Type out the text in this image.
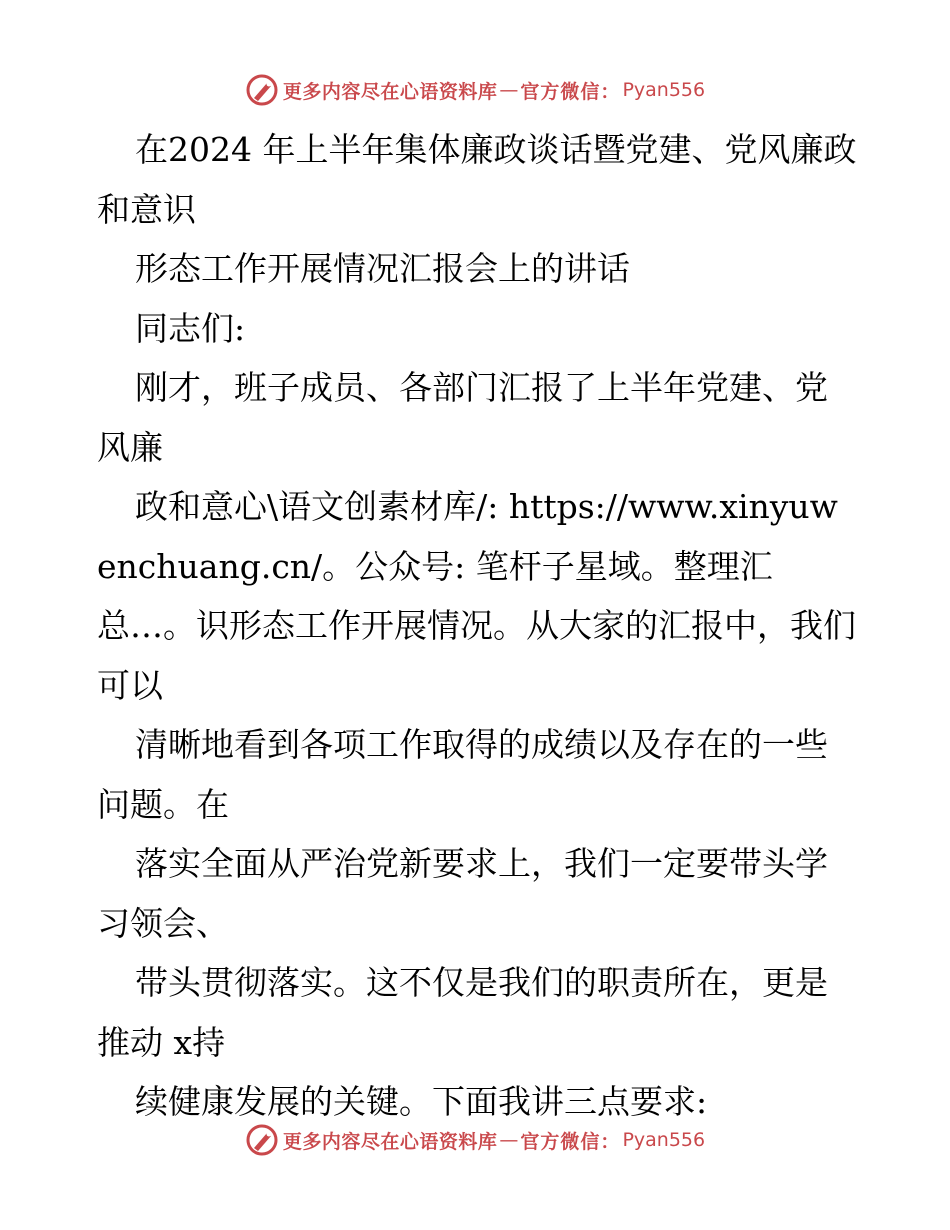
更多内容尽在心语资料库 — 官方微信： Pyan556

在2024 年上半年集体廉政谈话暨党建、党风廉政和意识

形态工作开展情况汇报会上的讲话

同志们:

刚才，班子成员、各部门汇报了上半年党建、党风廉

政和意心\语文创素材库/: https://www.xinyuwenchuang.cn/。公众号: 笔杆子星域。整理汇总…。识形态工作开展情况。从大家的汇报中，我们可以

清晰地看到各项工作取得的成绩以及存在的一些问题。在

落实全面从严治党新要求上，我们一定要带头学习领会、

带头贯彻落实。这不仅是我们的职责所在，更是推动 x持

续健康发展的关键。下面我讲三点要求:

更多内容尽在心语资料库 — 官方微信： Pyan556
